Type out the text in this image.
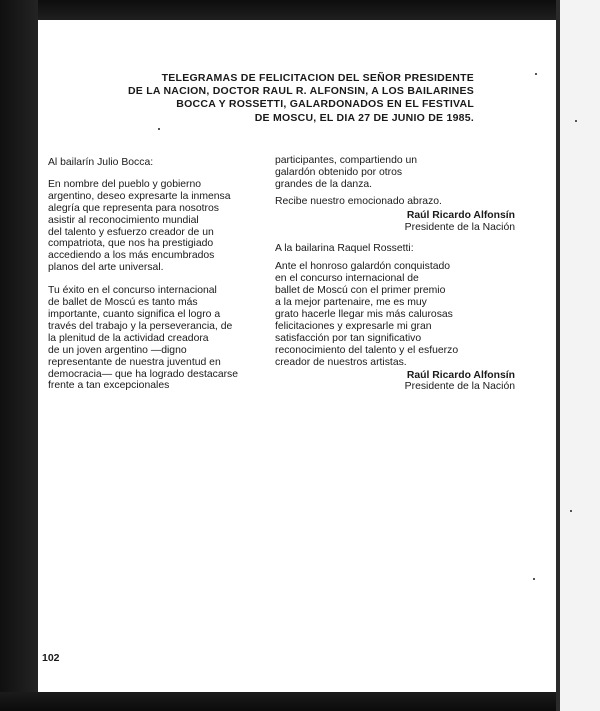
TELEGRAMAS DE FELICITACION DEL SEÑOR PRESIDENTE
DE LA NACION, DOCTOR RAUL R. ALFONSIN, A LOS BAILARINES
BOCCA Y ROSSETTI, GALARDONADOS EN EL FESTIVAL
DE MOSCU, EL DIA 27 DE JUNIO DE 1985.

Al bailarín Julio Bocca:

En nombre del pueblo y gobierno
argentino, deseo expresarte la inmensa
alegría que representa para nosotros
asistir al reconocimiento mundial
del talento y esfuerzo creador de un
compatriota, que nos ha prestigiado
accediendo a los más encumbrados
planos del arte universal.

Tu éxito en el concurso internacional
de ballet de Moscú es tanto más
importante, cuanto significa el logro a
través del trabajo y la perseverancia, de
la plenitud de la actividad creadora
de un joven argentino —digno
representante de nuestra juventud en
democracia— que ha logrado destacarse
frente a tan excepcionales

participantes, compartiendo un
galardón obtenido por otros
grandes de la danza.

Recibe nuestro emocionado abrazo.

Raúl Ricardo Alfonsín
Presidente de la Nación

A la bailarina Raquel Rossetti:

Ante el honroso galardón conquistado
en el concurso internacional de
ballet de Moscú con el primer premio
a la mejor partenaire, me es muy
grato hacerle llegar mis más calurosas
felicitaciones y expresarle mi gran
satisfacción por tan significativo
reconocimiento del talento y el esfuerzo
creador de nuestros artistas.

Raúl Ricardo Alfonsín
Presidente de la Nación
102
